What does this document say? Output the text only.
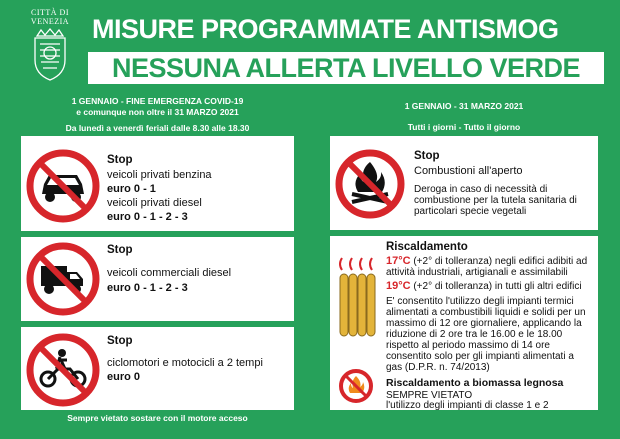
CITTÀ DI
VENEZIA MISURE PROGRAMMATE ANTISMOG
NESSUNA ALLERTA LIVELLO VERDE
1 GENNAIO - FINE EMERGENZA COVID-19
e comunque non oltre il 31 MARZO 2021
Da lunedì a venerdì feriali dalle 8.30 alle 18.30
Stop
veicoli privati benzina
euro 0 - 1
veicoli privati diesel
euro 0 - 1 - 2 - 3
Stop
veicoli commerciali diesel
euro 0 - 1 - 2 - 3
Stop
ciclomotori e motocicli a 2 tempi
euro 0
Sempre vietato sostare con il motore acceso
1 GENNAIO - 31 MARZO 2021
Tutti i giorni - Tutto il giorno
Stop
Combustioni all'aperto
Deroga in caso di necessità di
combustione per la tutela sanitaria di
particolari specie vegetali
Riscaldamento
17°C (+2° di tolleranza) negli edifici adibiti ad
attività industriali, artigianali e assimilabili
19°C (+2° di tolleranza) in tutti gli altri edifici
E' consentito l'utilizzo degli impianti termici
alimentati a combustibili liquidi e solidi per un
massimo di 12 ore giornaliere, applicando la
riduzione di 2 ore tra le 16.00 e le 18.00
rispetto al periodo massimo di 14 ore
consentito solo per gli impianti alimentati a
gas (D.P.R. n. 74/2013)
Riscaldamento a biomassa legnosa
SEMPRE VIETATO
l'utilizzo degli impianti di classe 1 e 2
